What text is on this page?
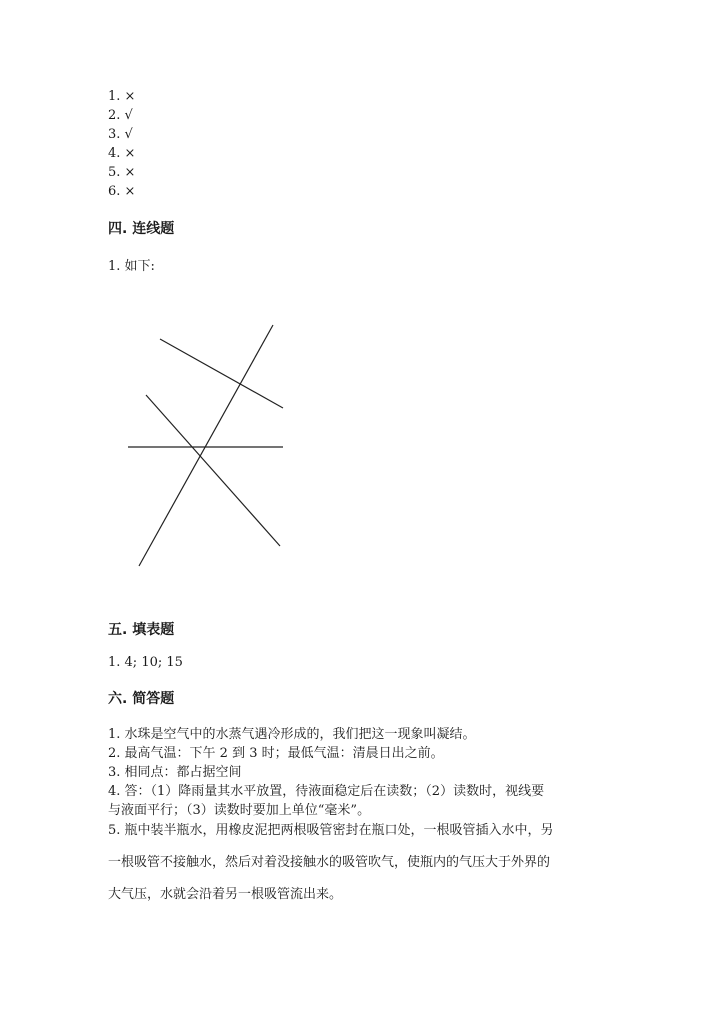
1. ×
2. √
3. √
4. ×
5. ×
6. ×
四. 连线题
1. 如下:
五. 填表题
1. 4; 10; 15
六. 简答题
1. 水珠是空气中的水蒸气遇冷形成的，我们把这一现象叫凝结。
2. 最高气温：下午 2 到 3 时；最低气温：清晨日出之前。
3. 相同点：都占据空间
4. 答：（1）降雨量其水平放置，待液面稳定后在读数；（2）读数时，视线要
与液面平行；（3）读数时要加上单位“毫米”。
5. 瓶中装半瓶水，用橡皮泥把两根吸管密封在瓶口处，一根吸管插入水中，另
一根吸管不接触水，然后对着没接触水的吸管吹气，使瓶内的气压大于外界的
大气压，水就会沿着另一根吸管流出来。
